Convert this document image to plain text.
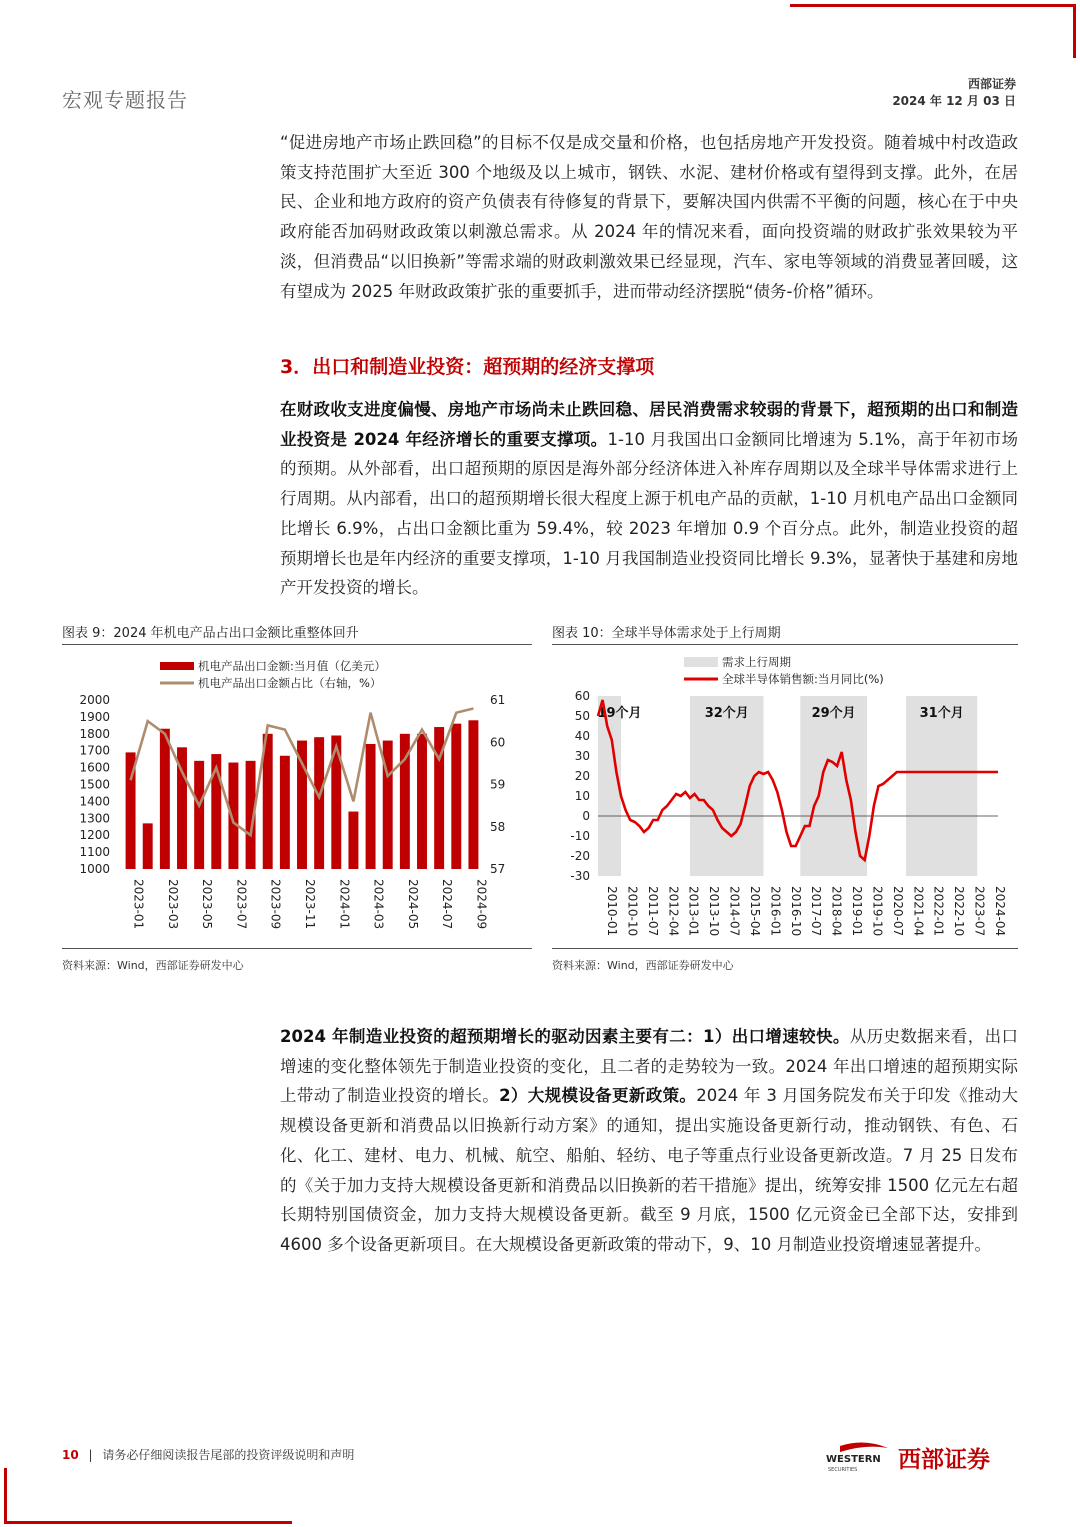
宏观专题报告
西部证券
2024 年 12 月 03 日
“促进房地产市场止跌回稳”的目标不仅是成交量和价格，也包括房地产开发投资。随着城中村改造政策支持范围扩大至近 300 个地级及以上城市，钢铁、水泥、建材价格或有望得到支撑。此外，在居民、企业和地方政府的资产负债表有待修复的背景下，要解决国内供需不平衡的问题，核心在于中央政府能否加码财政政策以刺激总需求。从 2024 年的情况来看，面向投资端的财政扩张效果较为平淡，但消费品“以旧换新”等需求端的财政刺激效果已经显现，汽车、家电等领域的消费显著回暖，这有望成为 2025 年财政政策扩张的重要抓手，进而带动经济摆脱“债务-价格”循环。
3．出口和制造业投资：超预期的经济支撑项
在财政收支进度偏慢、房地产市场尚未止跌回稳、居民消费需求较弱的背景下，超预期的出口和制造业投资是 2024 年经济增长的重要支撑项。1-10 月我国出口金额同比增速为 5.1%，高于年初市场的预期。从外部看，出口超预期的原因是海外部分经济体进入补库存周期以及全球半导体需求进行上行周期。从内部看，出口的超预期增长很大程度上源于机电产品的贡献，1-10 月机电产品出口金额同比增长 6.9%，占出口金额比重为 59.4%，较 2023 年增加 0.9 个百分点。此外，制造业投资的超预期增长也是年内经济的重要支撑项，1-10 月我国制造业投资同比增长 9.3%，显著快于基建和房地产开发投资的增长。
图表 9：2024 年机电产品占出口金额比重整体回升
机电产品出口金额:当月值（亿美元）
机电产品出口金额占比（右轴，%）
2000
1900
1800
1700
1600
1500
1400
1300
1200
1100
1000
61
60
59
58
57
2023-01 2023-03 2023-05 2023-07 2023-09 2023-11 2024-01 2024-03 2024-05 2024-07 2024-09
资料来源：Wind，西部证券研发中心
图表 10：全球半导体需求处于上行周期
19个月	32个月	29个月	31个月
需求上行周期
全球半导体销售额:当月同比(%)
60
50
40
30
20
10
0
-10
-20
-30
2010-01 2010-10 2011-07 2012-04 2013-01 2013-10 2014-07 2015-04 2016-01 2016-10 2017-07 2018-04 2019-01 2019-10 2020-07 2021-04 2022-01 2022-10 2023-07 2024-04
资料来源：Wind，西部证券研发中心
2024 年制造业投资的超预期增长的驱动因素主要有二：1）出口增速较快。从历史数据来看，出口增速的变化整体领先于制造业投资的变化，且二者的走势较为一致。2024 年出口增速的超预期实际上带动了制造业投资的增长。2）大规模设备更新政策。2024 年 3 月国务院发布关于印发《推动大规模设备更新和消费品以旧换新行动方案》的通知，提出实施设备更新行动，推动钢铁、有色、石化、化工、建材、电力、机械、航空、船舶、轻纺、电子等重点行业设备更新改造。7 月 25 日发布的《关于加力支持大规模设备更新和消费品以旧换新的若干措施》提出，统筹安排 1500 亿元左右超长期特别国债资金，加力支持大规模设备更新。截至 9 月底，1500 亿元资金已全部下达，安排到 4600 多个设备更新项目。在大规模设备更新政策的带动下，9、10 月制造业投资增速显著提升。
10 | 请务必仔细阅读报告尾部的投资评级说明和声明	WESTERN
SECURITIES 西部证券
